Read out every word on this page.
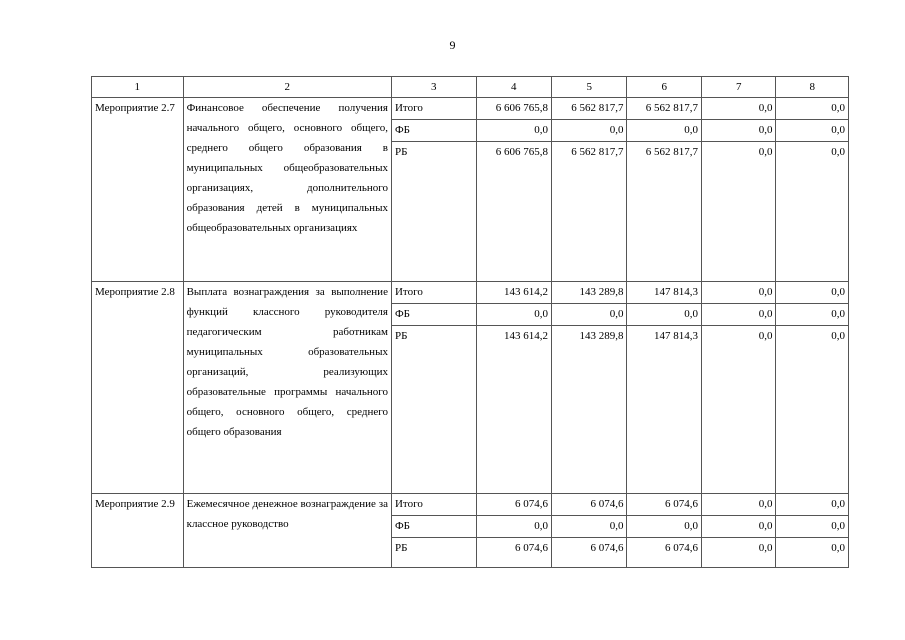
9
1	2	3	4	5	6	7	8
Мероприятие 2.7	Финансовое обеспечение получения начального общего, основного общего, среднего общего образования в муниципальных общеобразовательных организациях, дополнительного образования детей в муниципальных общеобразовательных организациях	Итого	6 606 765,8	6 562 817,7	6 562 817,7	0,0	0,0
		ФБ	0,0	0,0	0,0	0,0	0,0
		РБ	6 606 765,8	6 562 817,7	6 562 817,7	0,0	0,0
Мероприятие 2.8	Выплата вознаграждения за выполнение функций классного руководителя педагогическим работникам муниципальных образовательных организаций, реализующих образовательные программы начального общего, основного общего, среднего общего образования	Итого	143 614,2	143 289,8	147 814,3	0,0	0,0
		ФБ	0,0	0,0	0,0	0,0	0,0
		РБ	143 614,2	143 289,8	147 814,3	0,0	0,0
Мероприятие 2.9	Ежемесячное денежное вознаграждение за классное руководство	Итого	6 074,6	6 074,6	6 074,6	0,0	0,0
		ФБ	0,0	0,0	0,0	0,0	0,0
		РБ	6 074,6	6 074,6	6 074,6	0,0	0,0
